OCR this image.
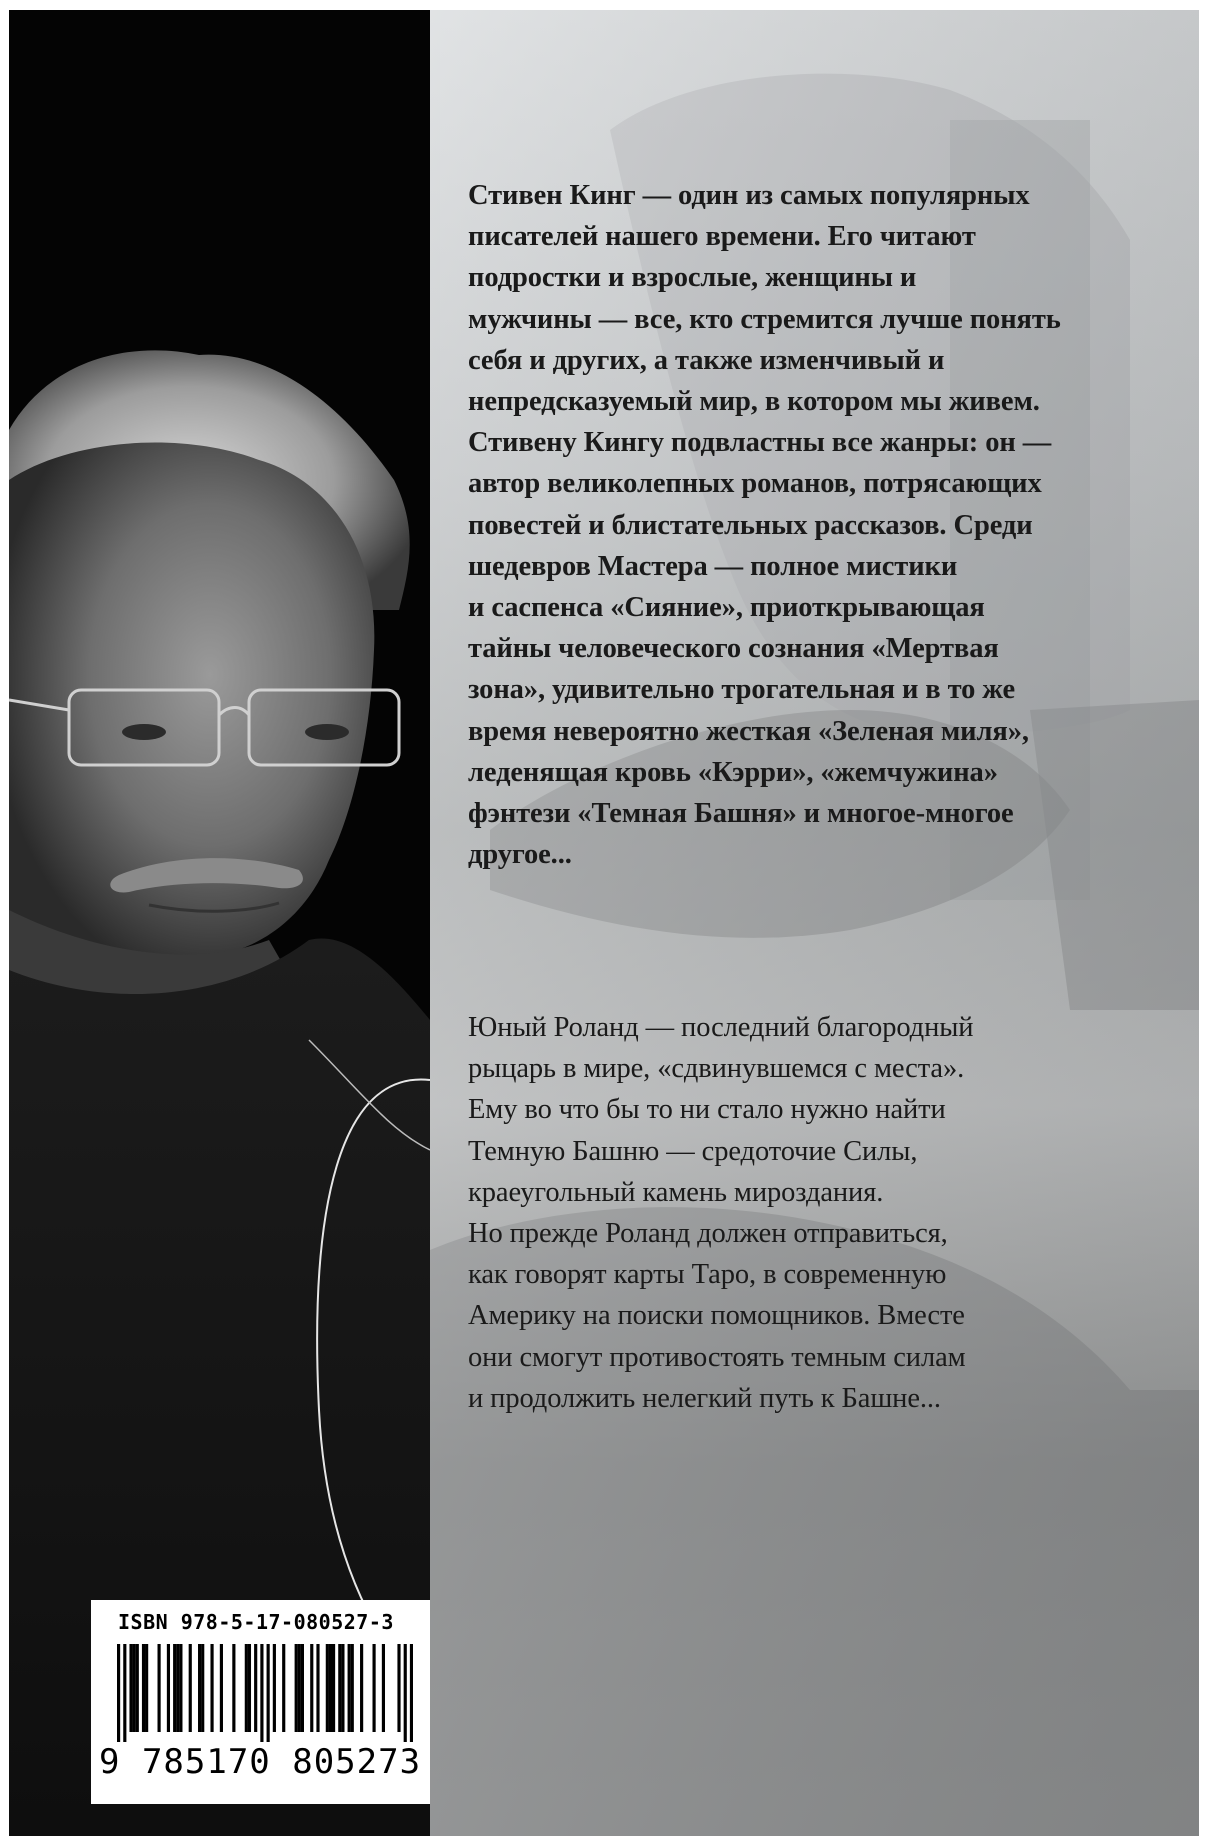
ISBN 978-5-17-080527-3
9 785170 805273

Стивен Кинг — один из самых популярных
писателей нашего времени. Его читают
подростки и взрослые, женщины и
мужчины — все, кто стремится лучше понять
себя и других, а также изменчивый и
непредсказуемый мир, в котором мы живем.
Стивену Кингу подвластны все жанры: он —
автор великолепных романов, потрясающих
повестей и блистательных рассказов. Среди
шедевров Мастера — полное мистики
и саспенса «Сияние», приоткрывающая
тайны человеческого сознания «Мертвая
зона», удивительно трогательная и в то же
время невероятно жесткая «Зеленая миля»,
леденящая кровь «Кэрри», «жемчужина»
фэнтези «Темная Башня» и многое-многое
другое...

Юный Роланд — последний благородный
рыцарь в мире, «сдвинувшемся с места».
Ему во что бы то ни стало нужно найти
Темную Башню — средоточие Силы,
краеугольный камень мироздания.
Но прежде Роланд должен отправиться,
как говорят карты Таро, в современную
Америку на поиски помощников. Вместе
они смогут противостоять темным силам
и продолжить нелегкий путь к Башне...
